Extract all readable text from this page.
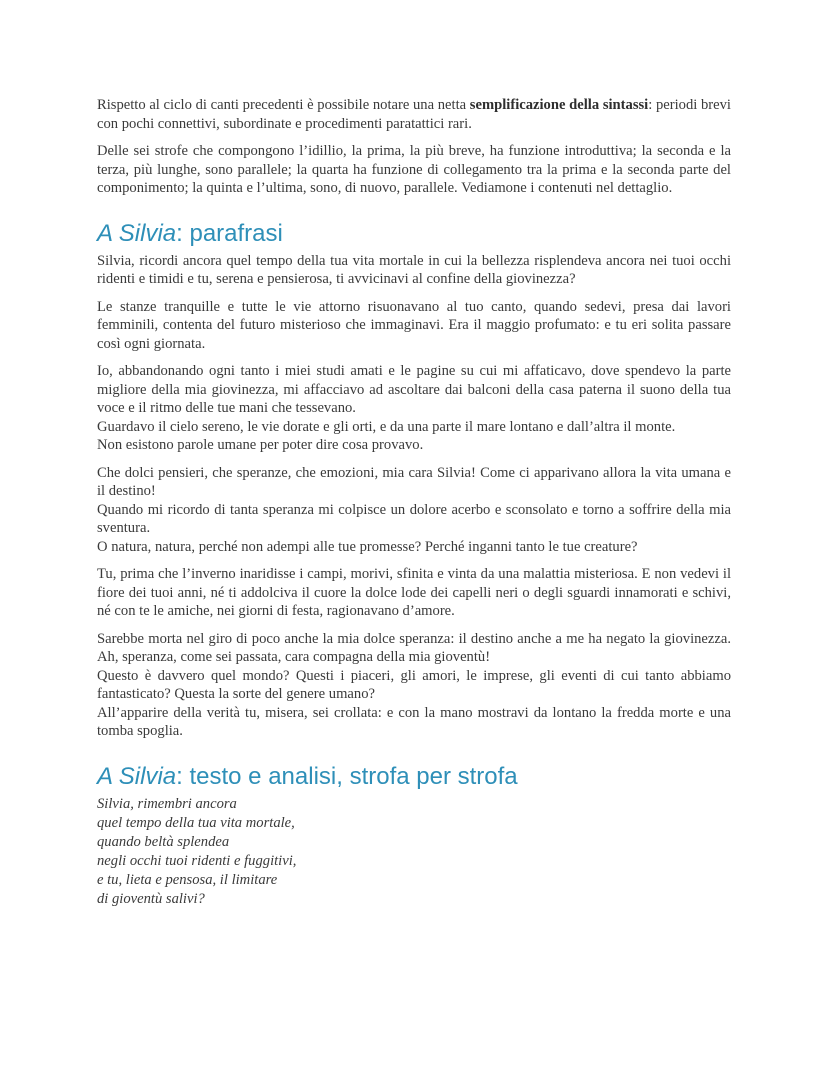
Rispetto al ciclo di canti precedenti è possibile notare una netta semplificazione della sintassi: periodi brevi con pochi connettivi, subordinate e procedimenti paratattici rari.

Delle sei strofe che compongono l’idillio, la prima, la più breve, ha funzione introduttiva; la seconda e la terza, più lunghe, sono parallele; la quarta ha funzione di collegamento tra la prima e la seconda parte del componimento; la quinta e l’ultima, sono, di nuovo, parallele. Vediamone i contenuti nel dettaglio.

A Silvia: parafrasi

Silvia, ricordi ancora quel tempo della tua vita mortale in cui la bellezza risplendeva ancora nei tuoi occhi ridenti e timidi e tu, serena e pensierosa, ti avvicinavi al confine della giovinezza?

Le stanze tranquille e tutte le vie attorno risuonavano al tuo canto, quando sedevi, presa dai lavori femminili, contenta del futuro misterioso che immaginavi. Era il maggio profumato: e tu eri solita passare così ogni giornata.

Io, abbandonando ogni tanto i miei studi amati e le pagine su cui mi affaticavo, dove spendevo la parte migliore della mia giovinezza, mi affacciavo ad ascoltare dai balconi della casa paterna il suono della tua voce e il ritmo delle tue mani che tessevano.
Guardavo il cielo sereno, le vie dorate e gli orti, e da una parte il mare lontano e dall’altra il monte.
Non esistono parole umane per poter dire cosa provavo.

Che dolci pensieri, che speranze, che emozioni, mia cara Silvia! Come ci apparivano allora la vita umana e il destino!
Quando mi ricordo di tanta speranza mi colpisce un dolore acerbo e sconsolato e torno a soffrire della mia sventura.
O natura, natura, perché non adempi alle tue promesse? Perché inganni tanto le tue creature?

Tu, prima che l’inverno inaridisse i campi, morivi, sfinita e vinta da una malattia misteriosa. E non vedevi il fiore dei tuoi anni, né ti addolciva il cuore la dolce lode dei capelli neri o degli sguardi innamorati e schivi, né con te le amiche, nei giorni di festa, ragionavano d’amore.

Sarebbe morta nel giro di poco anche la mia dolce speranza: il destino anche a me ha negato la giovinezza. Ah, speranza, come sei passata, cara compagna della mia gioventù!
Questo è davvero quel mondo? Questi i piaceri, gli amori, le imprese, gli eventi di cui tanto abbiamo fantasticato? Questa la sorte del genere umano?
All’apparire della verità tu, misera, sei crollata: e con la mano mostravi da lontano la fredda morte e una tomba spoglia.

A Silvia: testo e analisi, strofa per strofa
Silvia, rimembri ancora
quel tempo della tua vita mortale,
quando beltà splendea
negli occhi tuoi ridenti e fuggitivi,
e tu, lieta e pensosa, il limitare
di gioventù salivi?
